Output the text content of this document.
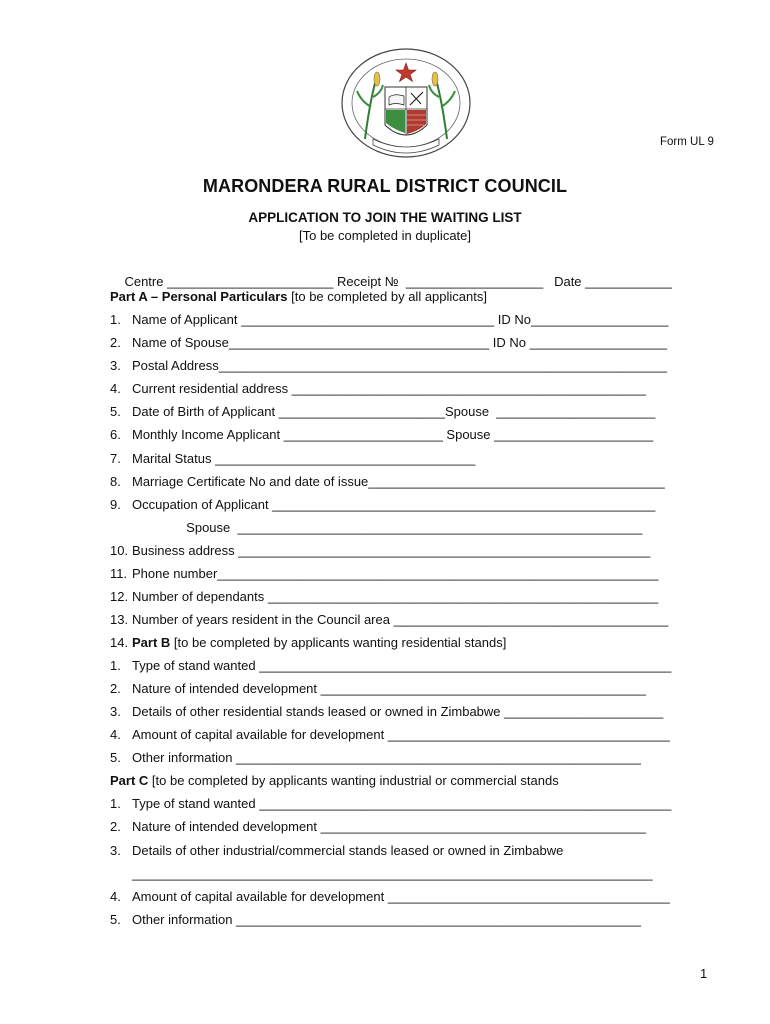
Form UL 9
MARONDERA RURAL DISTRICT COUNCIL
APPLICATION TO JOIN THE WAITING LIST
[To be completed in duplicate]

Centre _______________________ Receipt №  ___________________ Date ____________

Part A – Personal Particulars [to be completed by all applicants]
1. Name of Applicant ___________________________________ ID No___________________
2. Name of Spouse____________________________________ ID No ___________________
3. Postal Address______________________________________________________________
4. Current residential address _________________________________________________
5. Date of Birth of Applicant _______________________Spouse  ______________________
6. Monthly Income Applicant ______________________ Spouse ______________________
7. Marital Status ____________________________________
8. Marriage Certificate No and date of issue_________________________________________
9. Occupation of Applicant _____________________________________________________
Spouse  ________________________________________________________
10. Business address _________________________________________________________
11. Phone number_____________________________________________________________
12. Number of dependants ______________________________________________________
13. Number of years resident in the Council area ______________________________________
14. Part B [to be completed by applicants wanting residential stands]
1. Type of stand wanted _________________________________________________________
2. Nature of intended development _____________________________________________
3. Details of other residential stands leased or owned in Zimbabwe ______________________
4. Amount of capital available for development _______________________________________
5. Other information ________________________________________________________
Part C [to be completed by applicants wanting industrial or commercial stands
1. Type of stand wanted _________________________________________________________
2. Nature of intended development _____________________________________________
3. Details of other industrial/commercial stands leased or owned in Zimbabwe
________________________________________________________________________
4. Amount of capital available for development _______________________________________
5. Other information ________________________________________________________
1
